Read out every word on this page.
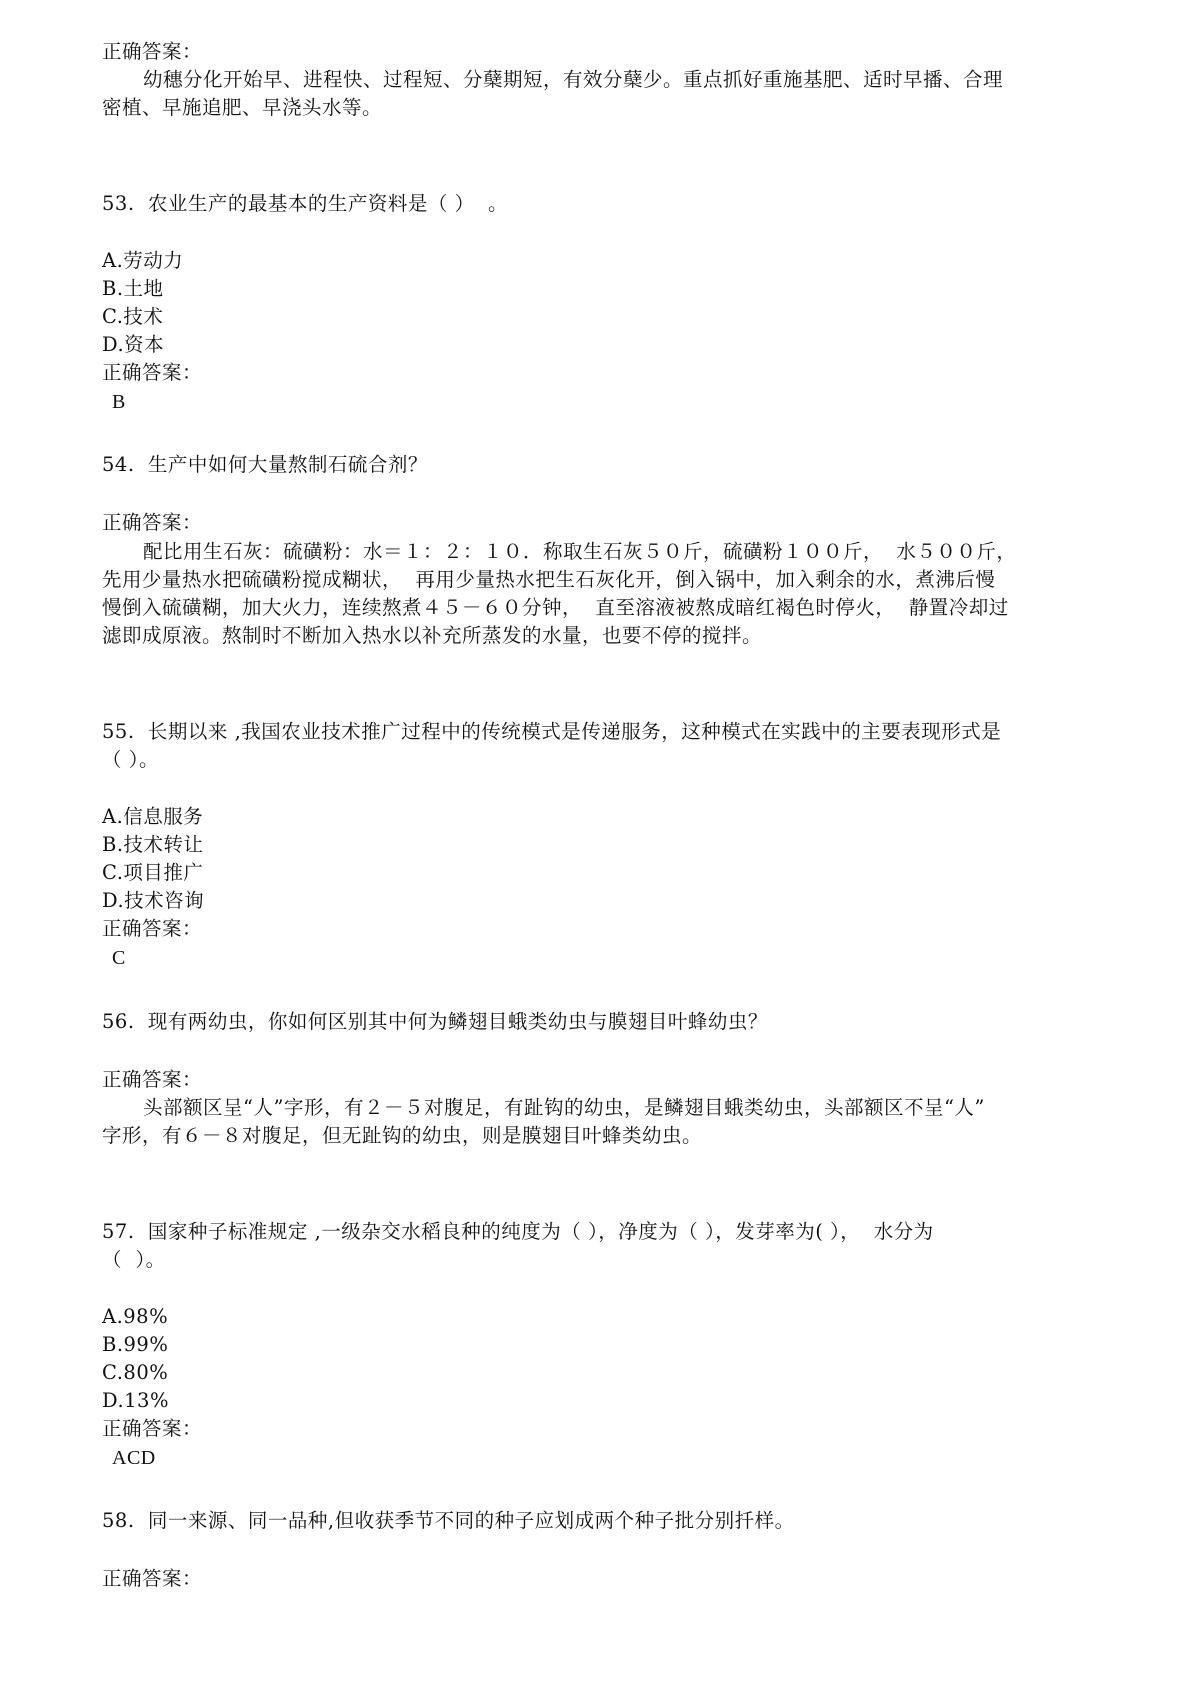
正确答案：
幼穗分化开始早、进程快、过程短、分蘖期短，有效分蘖少。重点抓好重施基肥、适时早播、合理
密植、早施追肥、早浇头水等。
53.  农业生产的最基本的生产资料是（ ）  。
A.劳动力
B.土地
C.技术
D.资本
正确答案：
B
54.  生产中如何大量熬制石硫合剂？
正确答案：
配比用生石灰：硫磺粉：水＝１：２：１０．称取生石灰５０斤，硫磺粉１００斤，  水５００斤，
先用少量热水把硫磺粉搅成糊状，  再用少量热水把生石灰化开，倒入锅中，加入剩余的水，煮沸后慢
慢倒入硫磺糊，加大火力，连续熬煮４５－６０分钟，  直至溶液被熬成暗红褐色时停火，  静置冷却过
滤即成原液。熬制时不断加入热水以补充所蒸发的水量，也要不停的搅拌。
55.  长期以来 ,我国农业技术推广过程中的传统模式是传递服务，这种模式在实践中的主要表现形式是
（ ）。
A.信息服务
B.技术转让
C.项目推广
D.技术咨询
正确答案：
C
56.  现有两幼虫，你如何区别其中何为鳞翅目蛾类幼虫与膜翅目叶蜂幼虫？
正确答案：
头部额区呈“人”字形，有２－５对腹足，有趾钩的幼虫，是鳞翅目蛾类幼虫，头部额区不呈“人”
字形，有６－８对腹足，但无趾钩的幼虫，则是膜翅目叶蜂类幼虫。
57.  国家种子标准规定 ,一级杂交水稻良种的纯度为（ ），净度为（ ），发芽率为( ），  水分为
（  ）。
A.98%
B.99%
C.80%
D.13%
正确答案：
ACD
58.  同一来源、同一品种,但收获季节不同的种子应划成两个种子批分别扦样。
正确答案：
